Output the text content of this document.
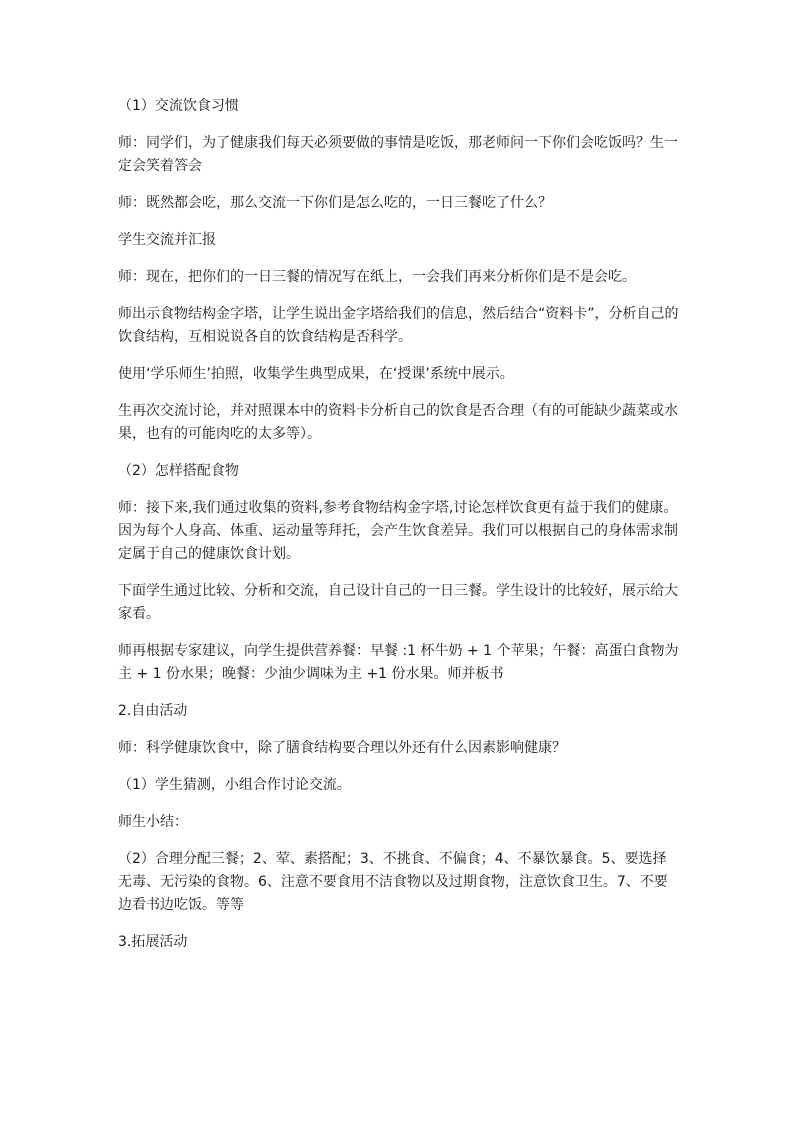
（1）交流饮食习惯

师：同学们，为了健康我们每天必须要做的事情是吃饭，那老师问一下你们会吃饭吗？生一定会笑着答会

师：既然都会吃，那么交流一下你们是怎么吃的，一日三餐吃了什么？

学生交流并汇报

师：现在，把你们的一日三餐的情况写在纸上，一会我们再来分析你们是不是会吃。

师出示食物结构金字塔，让学生说出金字塔给我们的信息，然后结合“资料卡”，分析自己的饮食结构，互相说说各自的饮食结构是否科学。

使用‘学乐师生’拍照，收集学生典型成果，在‘授课’系统中展示。

生再次交流讨论，并对照课本中的资料卡分析自己的饮食是否合理（有的可能缺少蔬菜或水果，也有的可能肉吃的太多等）。

（2）怎样搭配食物

师：接下来,我们通过收集的资料,参考食物结构金字塔,讨论怎样饮食更有益于我们的健康。因为每个人身高、体重、运动量等拜托，会产生饮食差异。我们可以根据自己的身体需求制定属于自己的健康饮食计划。

下面学生通过比较、分析和交流，自己设计自己的一日三餐。学生设计的比较好，展示给大家看。

师再根据专家建议，向学生提供营养餐：早餐 :1 杯牛奶 + 1 个苹果；午餐：高蛋白食物为主 + 1 份水果；晚餐：少油少调味为主 +1 份水果。师并板书

2.自由活动

师：科学健康饮食中，除了膳食结构要合理以外还有什么因素影响健康？

（1）学生猜测，小组合作讨论交流。

师生小结：

（2）合理分配三餐；2、荤、素搭配；3、不挑食、不偏食；4、不暴饮暴食。5、要选择无毒、无污染的食物。6、注意不要食用不洁食物以及过期食物，注意饮食卫生。7、不要边看书边吃饭。等等

3.拓展活动
